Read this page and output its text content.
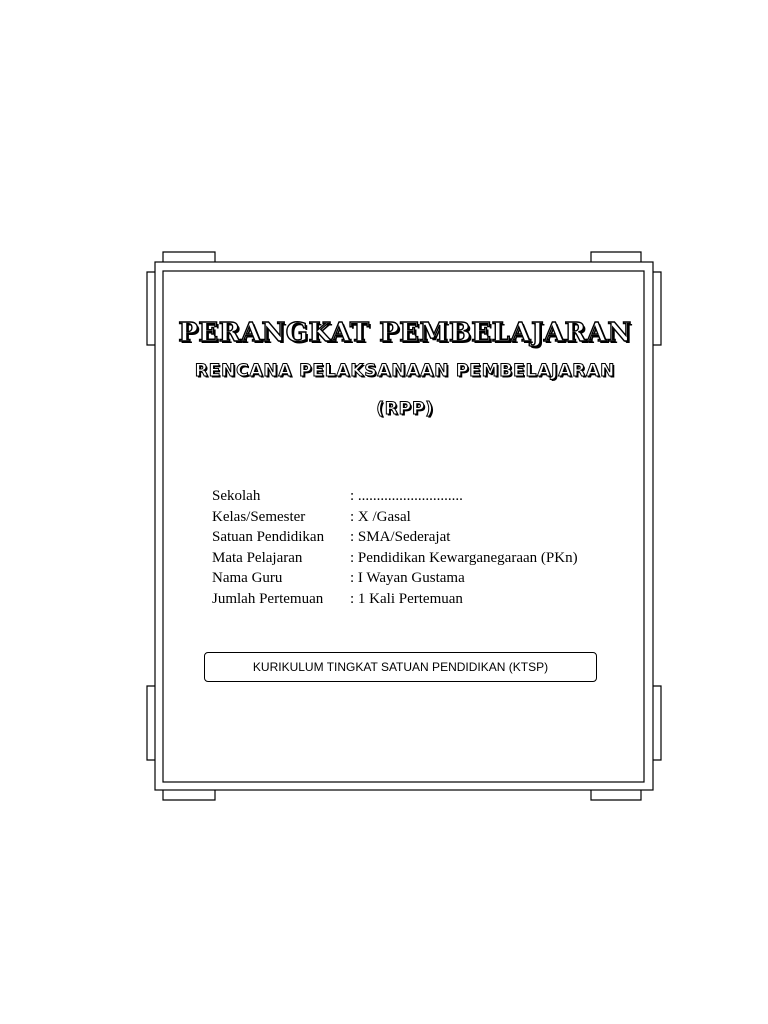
PERANGKAT PEMBELAJARAN
RENCANA PELAKSANAAN PEMBELAJARAN
(RPP)
Sekolah	: ............................
Kelas/Semester	: X /Gasal
Satuan Pendidikan	: SMA/Sederajat
Mata Pelajaran	: Pendidikan Kewarganegaraan (PKn)
Nama Guru	: I Wayan Gustama
Jumlah Pertemuan	: 1 Kali Pertemuan
KURIKULUM TINGKAT SATUAN PENDIDIKAN (KTSP)
